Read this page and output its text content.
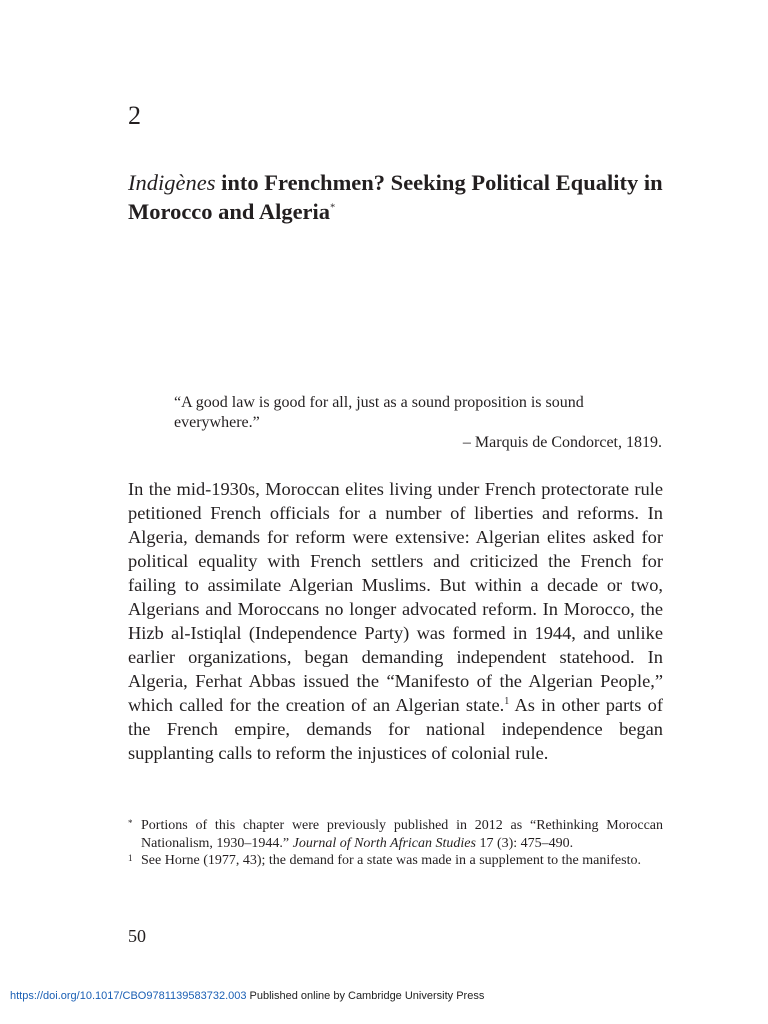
2
Indigènes into Frenchmen? Seeking Political Equality in Morocco and Algeria*
“A good law is good for all, just as a sound proposition is sound everywhere.”
– Marquis de Condorcet, 1819.
In the mid-1930s, Moroccan elites living under French protectorate rule petitioned French officials for a number of liberties and reforms. In Algeria, demands for reform were extensive: Algerian elites asked for political equality with French settlers and criticized the French for failing to assimilate Algerian Muslims. But within a decade or two, Algerians and Moroccans no longer advocated reform. In Morocco, the Hizb al-Istiqlal (Independence Party) was formed in 1944, and unlike earlier organizations, began demanding independent statehood. In Algeria, Ferhat Abbas issued the “Manifesto of the Algerian People,” which called for the creation of an Algerian state.$^1$ As in other parts of the French empire, demands for national independence began supplanting calls to reform the injustices of colonial rule.
* Portions of this chapter were previously published in 2012 as “Rethinking Moroccan Nationalism, 1930–1944.” Journal of North African Studies 17 (3): 475–490.
1 See Horne (1977, 43); the demand for a state was made in a supplement to the manifesto.
50
https://doi.org/10.1017/CBO9781139583732.003 Published online by Cambridge University Press
